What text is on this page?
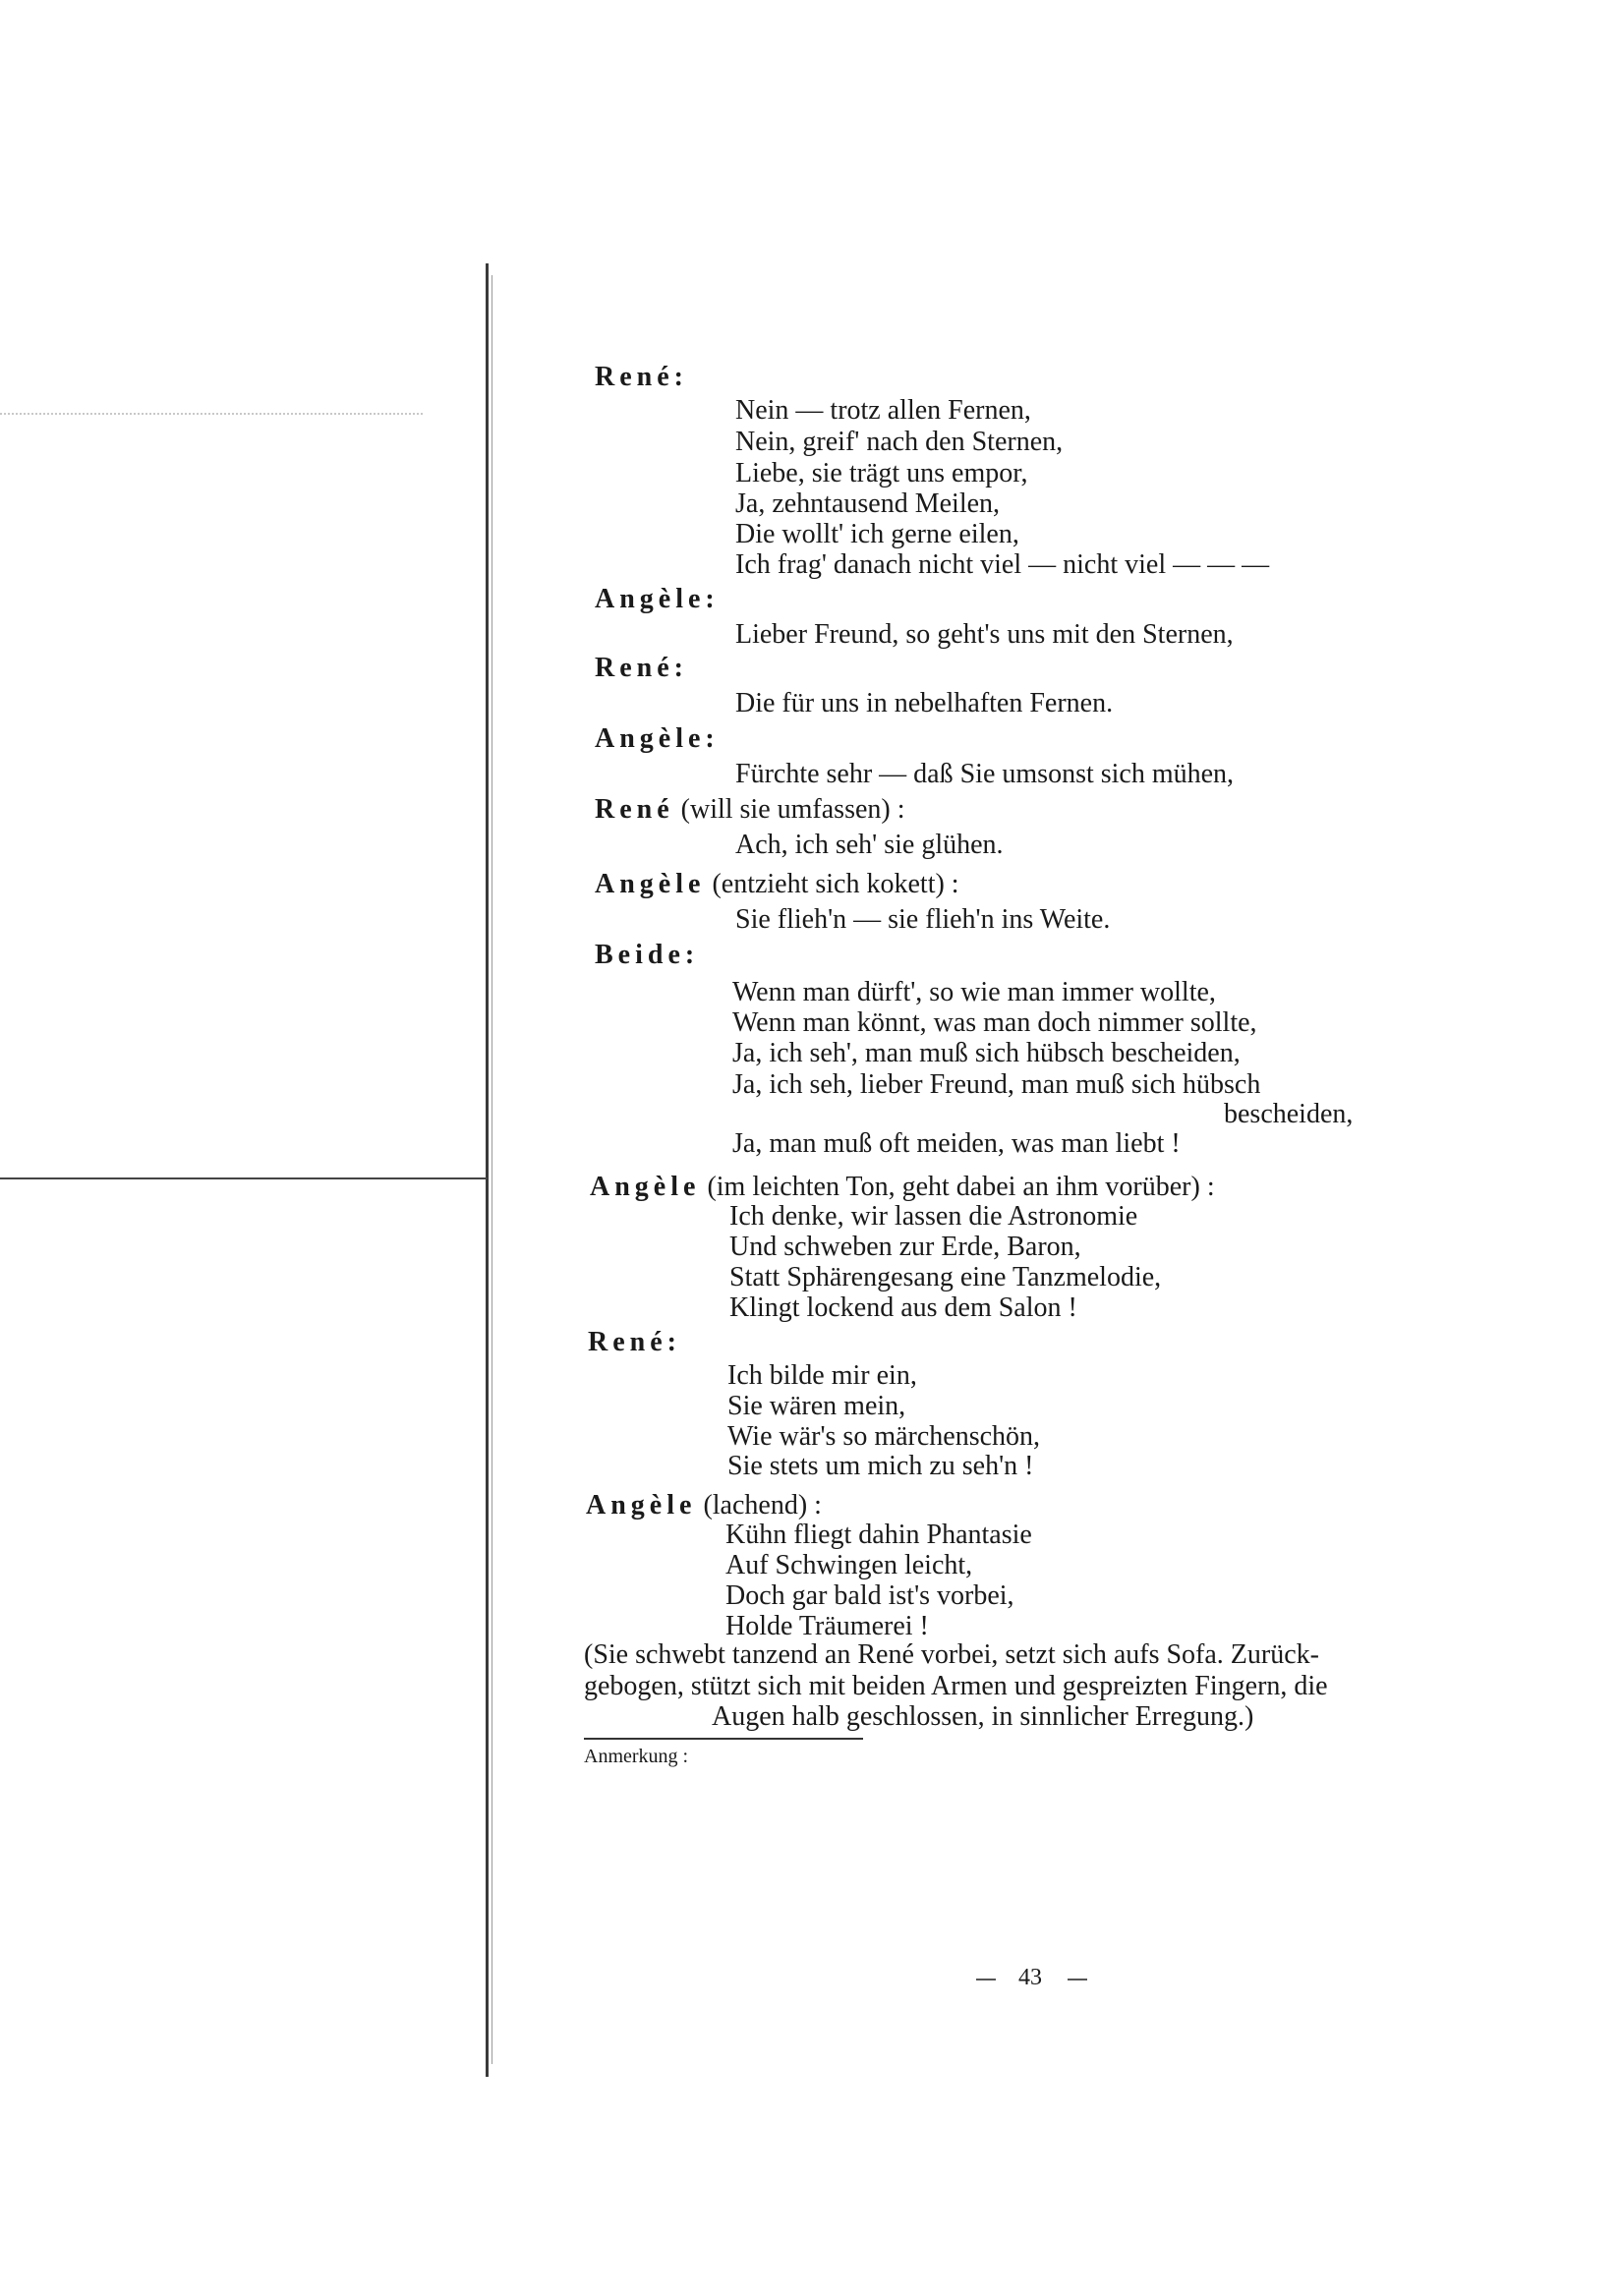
René:
Nein — trotz allen Fernen,
Nein, greif' nach den Sternen,
Liebe, sie trägt uns empor,
Ja, zehntausend Meilen,
Die wollt' ich gerne eilen,
Ich frag' danach nicht viel — nicht viel — — —
Angèle:
Lieber Freund, so geht's uns mit den Sternen,
René:
Die für uns in nebelhaften Fernen.
Angèle:
Fürchte sehr — daß Sie umsonst sich mühen,
René (will sie umfassen) :
Ach, ich seh' sie glühen.
Angèle (entzieht sich kokett) :
Sie flieh'n — sie flieh'n ins Weite.
Beide:
Wenn man dürft', so wie man immer wollte,
Wenn man könnt, was man doch nimmer sollte,
Ja, ich seh', man muß sich hübsch bescheiden,
Ja, ich seh, lieber Freund, man muß sich hübsch
bescheiden,
Ja, man muß oft meiden, was man liebt !
Angèle (im leichten Ton, geht dabei an ihm vorüber) :
Ich denke, wir lassen die Astronomie
Und schweben zur Erde, Baron,
Statt Sphärengesang eine Tanzmelodie,
Klingt lockend aus dem Salon !
René:
Ich bilde mir ein,
Sie wären mein,
Wie wär's so märchenschön,
Sie stets um mich zu seh'n !
Angèle (lachend) :
Kühn fliegt dahin Phantasie
Auf Schwingen leicht,
Doch gar bald ist's vorbei,
Holde Träumerei !
(Sie schwebt tanzend an René vorbei, setzt sich aufs Sofa. Zurück-
gebogen, stützt sich mit beiden Armen und gespreizten Fingern, die
Augen halb geschlossen, in sinnlicher Erregung.)
Anmerkung :
43
